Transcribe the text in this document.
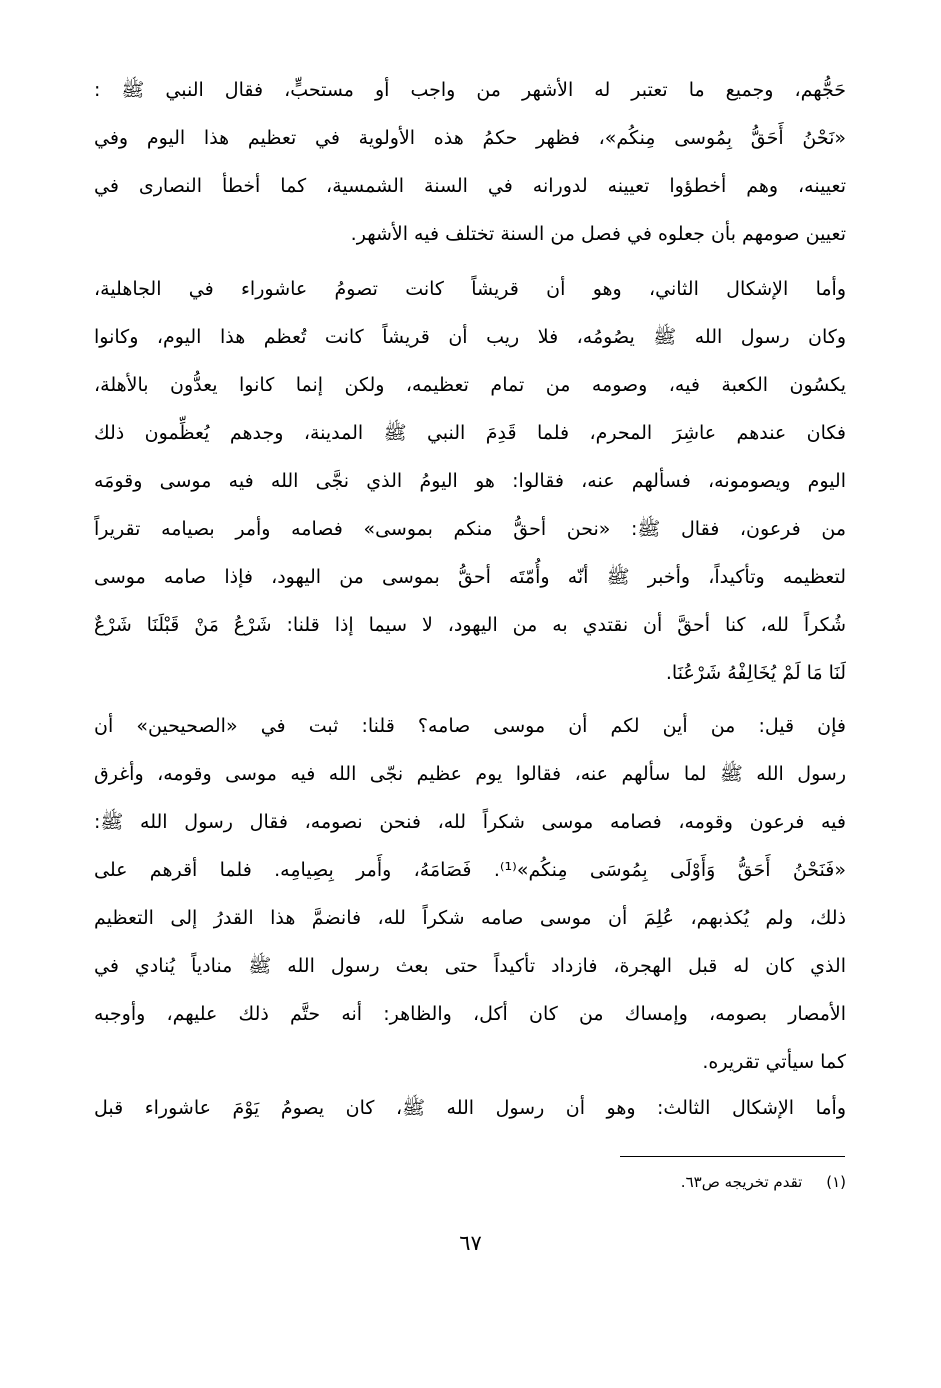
حَجُّهم، وجميع ما تعتبر له الأشهر من واجب أو مستحبٍّ، فقال النبي ﷺ :
«نَحْنُ أَحَقُّ بِمُوسى مِنكُم»، فظهر حكمُ هذه الأولوية في تعظيم هذا اليوم وفي
تعيينه، وهم أخطؤوا تعيينه لدورانه في السنة الشمسية، كما أخطأ النصارى في
تعيين صومهم بأن جعلوه في فصل من السنة تختلف فيه الأشهر.
وأما الإشكال الثاني، وهو أن قريشاً كانت تصومُ عاشوراء في الجاهلية،
وكان رسول الله ﷺ يصُومُه، فلا ريب أن قريشاً كانت تُعظم هذا اليوم، وكانوا
يكسُون الكعبة فيه، وصومه من تمام تعظيمه، ولكن إنما كانوا يعدُّون بالأهلة،
فكان عندهم عاشِرَ المحرم، فلما قَدِمَ النبي ﷺ المدينة، وجدهم يُعظِّمون ذلك
اليوم ويصومونه، فسألهم عنه، فقالوا: هو اليومُ الذي نجَّى الله فيه موسى وقومَه
من فرعون، فقال ﷺ: «نحن أحقُّ منكم بموسى» فصامه وأمر بصيامه تقريراً
لتعظيمه وتأكيداً، وأخبر ﷺ أنّه وأُمّتَه أحقُّ بموسى من اليهود، فإذا صامه موسى
شُكراً لله، كنا أحقَّ أن نقتدي به من اليهود، لا سيما إذا قلنا: شَرْعُ مَنْ قَبْلَنَا شَرْعٌ
لَنَا مَا لَمْ يُخَالِفْهُ شَرْعُنَا.
فإن قيل: من أين لكم أن موسى صامه؟ قلنا: ثبت في «الصحيحين» أن
رسول الله ﷺ لما سألهم عنه، فقالوا يوم عظيم نجّى الله فيه موسى وقومه، وأغرق
فيه فرعون وقومه، فصامه موسى شكراً لله، فنحن نصومه، فقال رسول الله ﷺ:
«فَنَحْنُ أَحَقُّ وَأَوْلَى بِمُوسَى مِنكُم»⁽¹⁾. فَصَامَهُ، وأَمر بِصِيامِه. فلما أقرهم على
ذلك، ولم يُكذبهم، عُلِمَ أن موسى صامه شكراً لله، فانضمَّ هذا القدرُ إلى التعظيم
الذي كان له قبل الهجرة، فازداد تأكيداً حتى بعث رسول الله ﷺ منادياً يُنادي في
الأمصار بصومه، وإمساك من كان أكل، والظاهر: أنه حتَّم ذلك عليهم، وأوجبه
كما سيأتي تقريره.
وأما الإشكال الثالث: وهو أن رسول الله ﷺ، كان يصومُ يَوْمَ عاشوراء قبل
(١)     تقدم تخريجه ص٦٣.
٦٧
